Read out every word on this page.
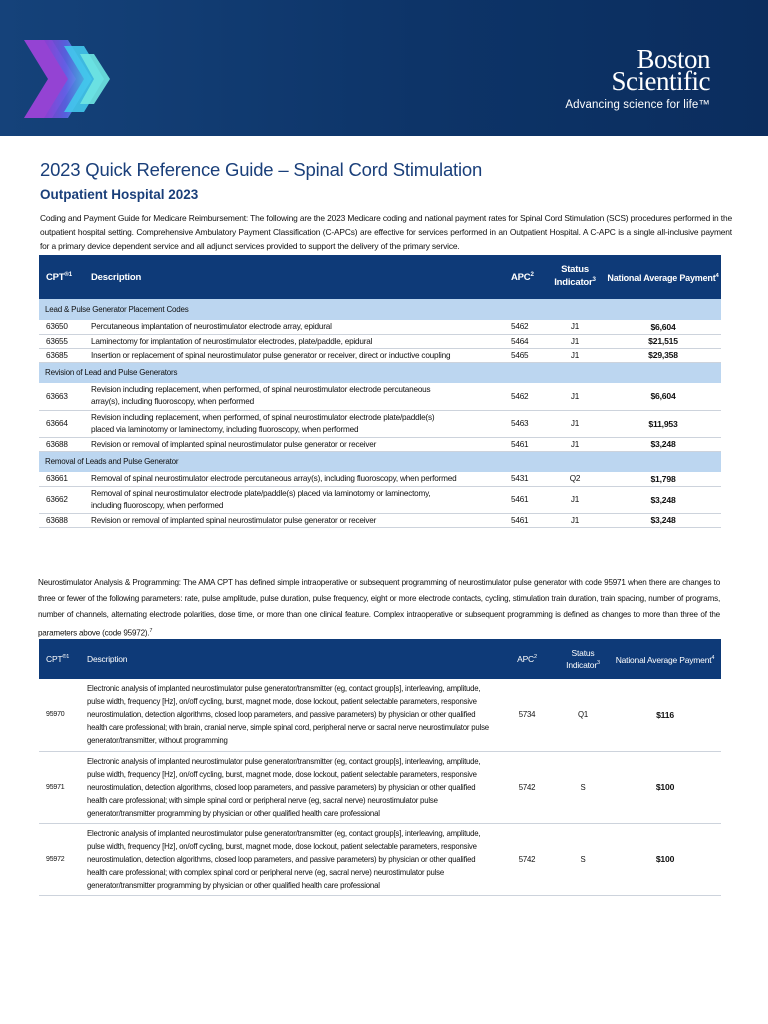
Boston
Scientific
Advancing science for life™
2023 Quick Reference Guide – Spinal Cord Stimulation
Outpatient Hospital 2023
Coding and Payment Guide for Medicare Reimbursement: The following are the 2023 Medicare coding and national payment rates for Spinal Cord Stimulation (SCS) procedures performed in the outpatient hospital setting. Comprehensive Ambulatory Payment Classification (C-APCs) are effective for services performed in an Outpatient Hospital. A C-APC is a single all-inclusive payment for a primary device dependent service and all adjunct services provided to support the delivery of the primary service.
$CPT^{®1}$	Description	APC$^2$	Status Indicator$^3$	National Average Payment$^4$
Lead & Pulse Generator Placement Codes				
63650	Percutaneous implantation of neurostimulator electrode array, epidural	5462	J1	$6,604
63655	Laminectomy for implantation of neurostimulator electrodes, plate/paddle, epidural	5464	J1	$21,515
63685	Insertion or replacement of spinal neurostimulator pulse generator or receiver, direct or inductive coupling	5465	J1	$29,358
Revision of Lead and Pulse Generators				
63663	Revision including replacement, when performed, of spinal neurostimulator electrode percutaneous array(s), including fluoroscopy, when performed	5462	J1	$6,604
63664	Revision including replacement, when performed, of spinal neurostimulator electrode plate/paddle(s) placed via laminotomy or laminectomy, including fluoroscopy, when performed	5463	J1	$11,953
63688	Revision or removal of implanted spinal neurostimulator pulse generator or receiver	5461	J1	$3,248
Removal of Leads and Pulse Generator				
63661	Removal of spinal neurostimulator electrode percutaneous array(s), including fluoroscopy, when performed	5431	Q2	$1,798
63662	Removal of spinal neurostimulator electrode plate/paddle(s) placed via laminotomy or laminectomy, including fluoroscopy, when performed	5461	J1	$3,248
63688	Revision or removal of implanted spinal neurostimulator pulse generator or receiver	5461	J1	$3,248
Neurostimulator Analysis & Programming: The AMA CPT has defined simple intraoperative or subsequent programming of neurostimulator pulse generator with code 95971 when there are changes to three or fewer of the following parameters: rate, pulse amplitude, pulse duration, pulse frequency, eight or more electrode contacts, cycling, stimulation train duration, train spacing, number of programs, number of channels, alternating electrode polarities, dose time, or more than one clinical feature. Complex intraoperative or subsequent programming is defined as changes to more than three of the parameters above (code 95972).$^7$
$CPT^{®1}$	Description	APC$^2$	Status Indicator$^3$	National Average Payment$^4$
95970	Electronic analysis of implanted neurostimulator pulse generator/transmitter (eg, contact group[s], interleaving, amplitude, pulse width, frequency [Hz], on/off cycling, burst, magnet mode, dose lockout, patient selectable parameters, responsive neurostimulation, detection algorithms, closed loop parameters, and passive parameters) by physician or other qualified health care professional; with brain, cranial nerve, simple spinal cord, peripheral nerve or sacral nerve neurostimulator pulse generator/transmitter, without programming	5734	Q1	$116
95971	Electronic analysis of implanted neurostimulator pulse generator/transmitter (eg, contact group[s], interleaving, amplitude, pulse width, frequency [Hz], on/off cycling, burst, magnet mode, dose lockout, patient selectable parameters, responsive neurostimulation, detection algorithms, closed loop parameters, and passive parameters) by physician or other qualified health care professional; with simple spinal cord or peripheral nerve (eg, sacral nerve) neurostimulator pulse generator/transmitter programming by physician or other qualified health care professional	5742	S	$100
95972	Electronic analysis of implanted neurostimulator pulse generator/transmitter (eg, contact group[s], interleaving, amplitude, pulse width, frequency [Hz], on/off cycling, burst, magnet mode, dose lockout, patient selectable parameters, responsive neurostimulation, detection algorithms, closed loop parameters, and passive parameters) by physician or other qualified health care professional; with complex spinal cord or peripheral nerve (eg, sacral nerve) neurostimulator pulse generator/transmitter programming by physician or other qualified health care professional	5742	S	$100
